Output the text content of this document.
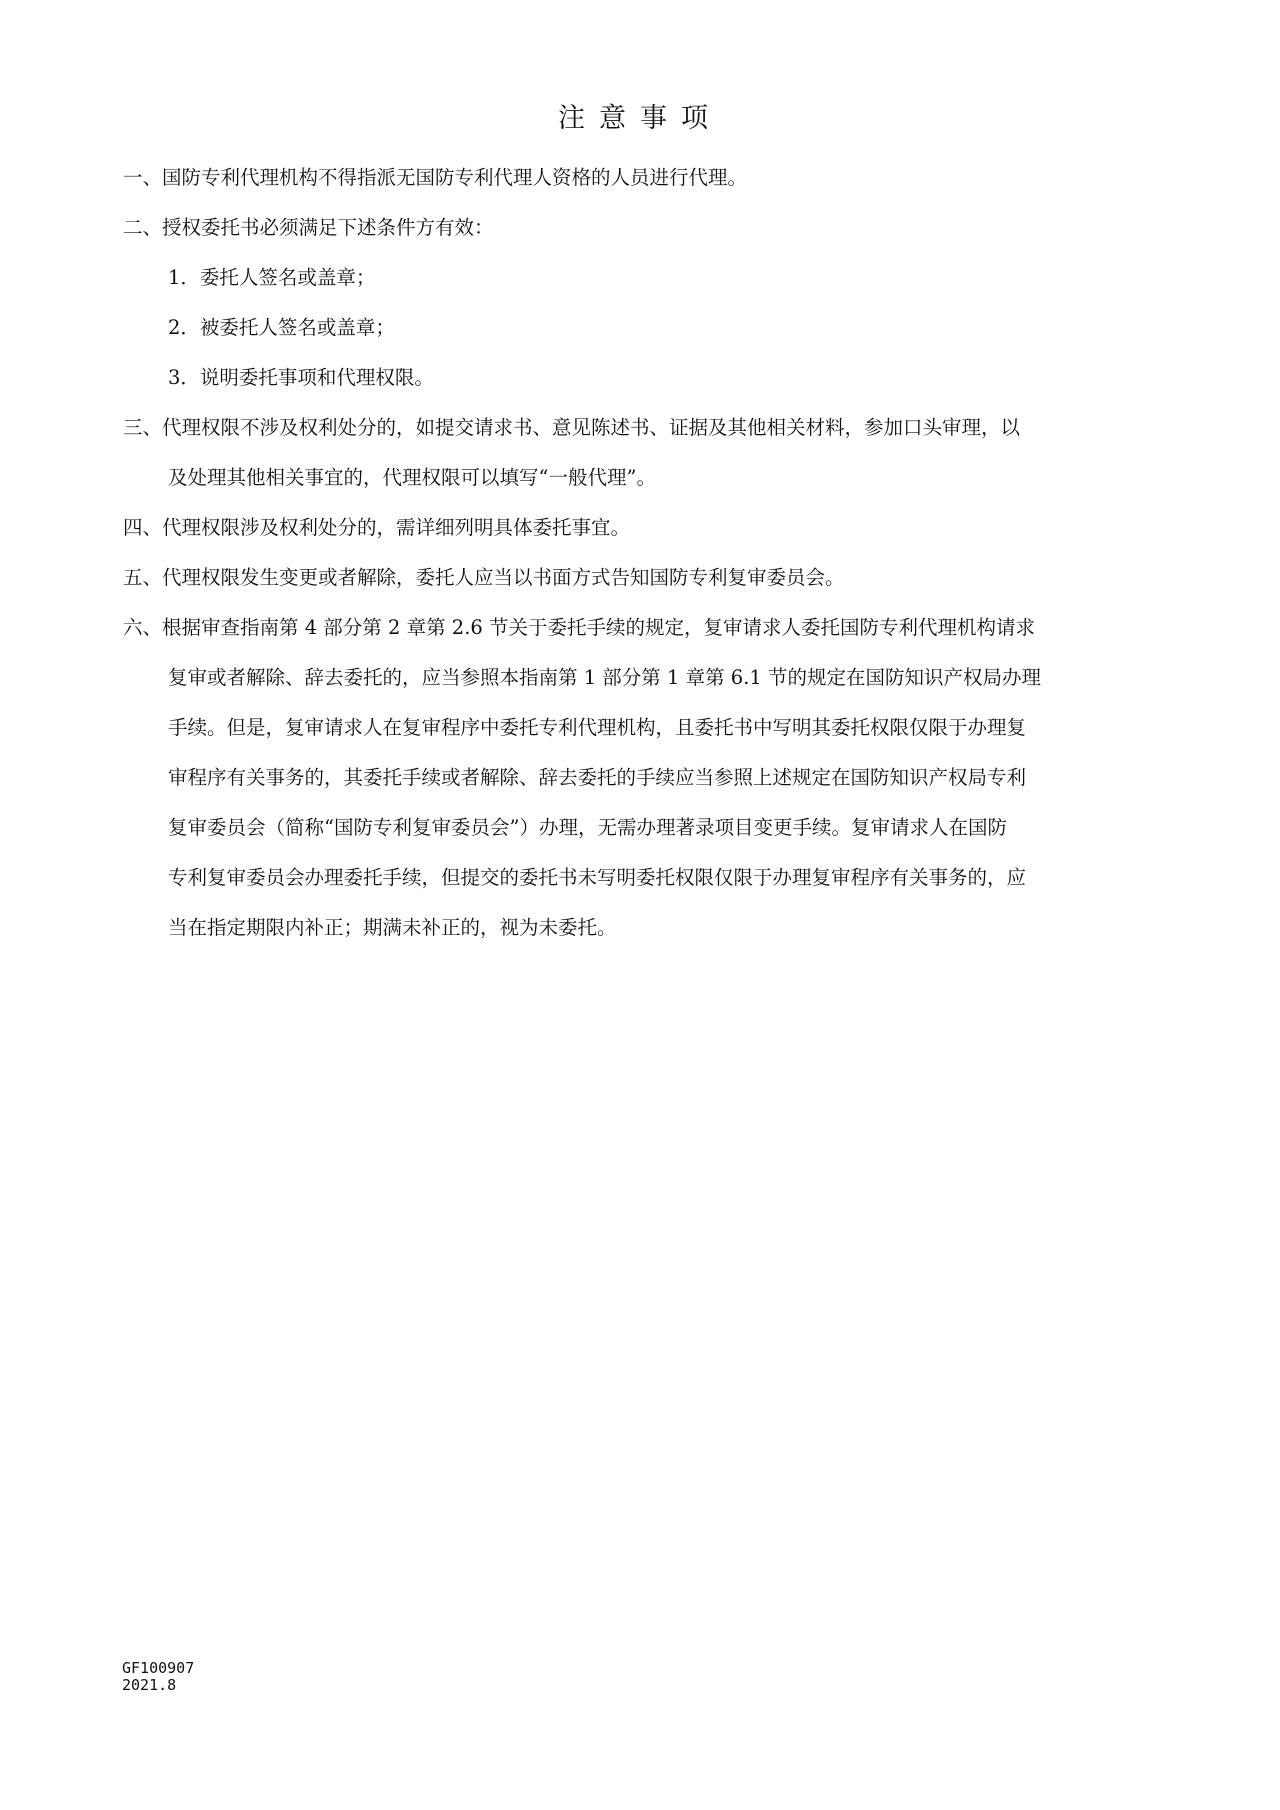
注意事项
一、国防专利代理机构不得指派无国防专利代理人资格的人员进行代理。
二、授权委托书必须满足下述条件方有效：
1．委托人签名或盖章；
2．被委托人签名或盖章；
3．说明委托事项和代理权限。
三、代理权限不涉及权利处分的，如提交请求书、意见陈述书、证据及其他相关材料，参加口头审理，以
及处理其他相关事宜的，代理权限可以填写“一般代理”。
四、代理权限涉及权利处分的，需详细列明具体委托事宜。
五、代理权限发生变更或者解除，委托人应当以书面方式告知国防专利复审委员会。
六、根据审查指南第 4 部分第 2 章第 2.6 节关于委托手续的规定，复审请求人委托国防专利代理机构请求
复审或者解除、辞去委托的，应当参照本指南第 1 部分第 1 章第 6.1 节的规定在国防知识产权局办理
手续。但是，复审请求人在复审程序中委托专利代理机构，且委托书中写明其委托权限仅限于办理复
审程序有关事务的，其委托手续或者解除、辞去委托的手续应当参照上述规定在国防知识产权局专利
复审委员会（简称“国防专利复审委员会”）办理，无需办理著录项目变更手续。复审请求人在国防
专利复审委员会办理委托手续，但提交的委托书未写明委托权限仅限于办理复审程序有关事务的，应
当在指定期限内补正；期满未补正的，视为未委托。
GF100907
2021.8
